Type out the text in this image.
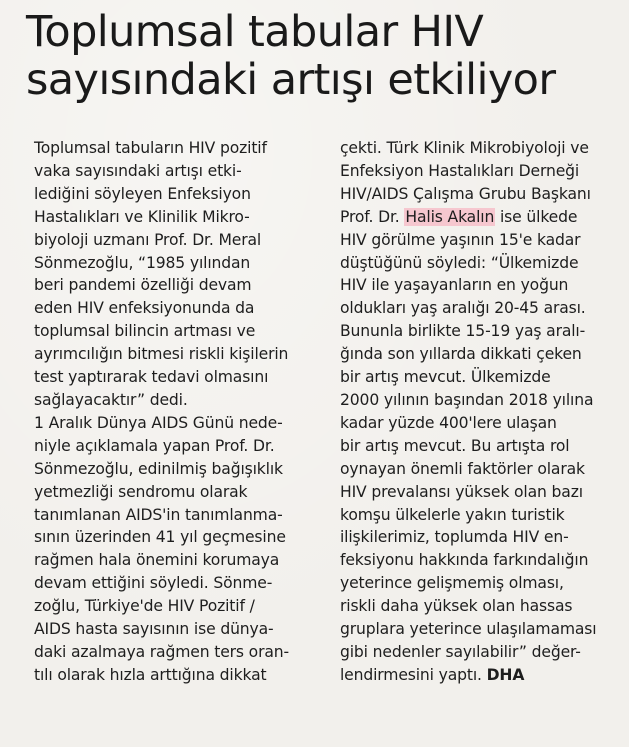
Toplumsal tabular HIV
sayısındaki artışı etkiliyor
Toplumsal tabuların HIV pozitif
vaka sayısındaki artışı etki-
lediğini söyleyen Enfeksiyon
Hastalıkları ve Klinilik Mikro-
biyoloji uzmanı Prof. Dr. Meral
Sönmezoğlu, “1985 yılından
beri pandemi özelliği devam
eden HIV enfeksiyonunda da
toplumsal bilincin artması ve
ayrımcılığın bitmesi riskli kişilerin
test yaptırarak tedavi olmasını
sağlayacaktır” dedi.
1 Aralık Dünya AIDS Günü nede-
niyle açıklamala yapan Prof. Dr.
Sönmezoğlu, edinilmiş bağışıklık
yetmezliği sendromu olarak
tanımlanan AIDS'in tanımlanma-
sının üzerinden 41 yıl geçmesine
rağmen hala önemini korumaya
devam ettiğini söyledi. Sönme-
zoğlu, Türkiye'de HIV Pozitif /
AIDS hasta sayısının ise dünya-
daki azalmaya rağmen ters oran-
tılı olarak hızla arttığına dikkat
çekti. Türk Klinik Mikrobiyoloji ve
Enfeksiyon Hastalıkları Derneği
HIV/AIDS Çalışma Grubu Başkanı
Prof. Dr. Halis Akalın ise ülkede
HIV görülme yaşının 15'e kadar
düştüğünü söyledi: “Ülkemizde
HIV ile yaşayanların en yoğun
oldukları yaş aralığı 20-45 arası.
Bununla birlikte 15-19 yaş aralı-
ğında son yıllarda dikkati çeken
bir artış mevcut. Ülkemizde
2000 yılının başından 2018 yılına
kadar yüzde 400'lere ulaşan
bir artış mevcut. Bu artışta rol
oynayan önemli faktörler olarak
HIV prevalansı yüksek olan bazı
komşu ülkelerle yakın turistik
ilişkilerimiz, toplumda HIV en-
feksiyonu hakkında farkındalığın
yeterince gelişmemiş olması,
riskli daha yüksek olan hassas
gruplara yeterince ulaşılamaması
gibi nedenler sayılabilir” değer-
lendirmesini yaptı. DHA
